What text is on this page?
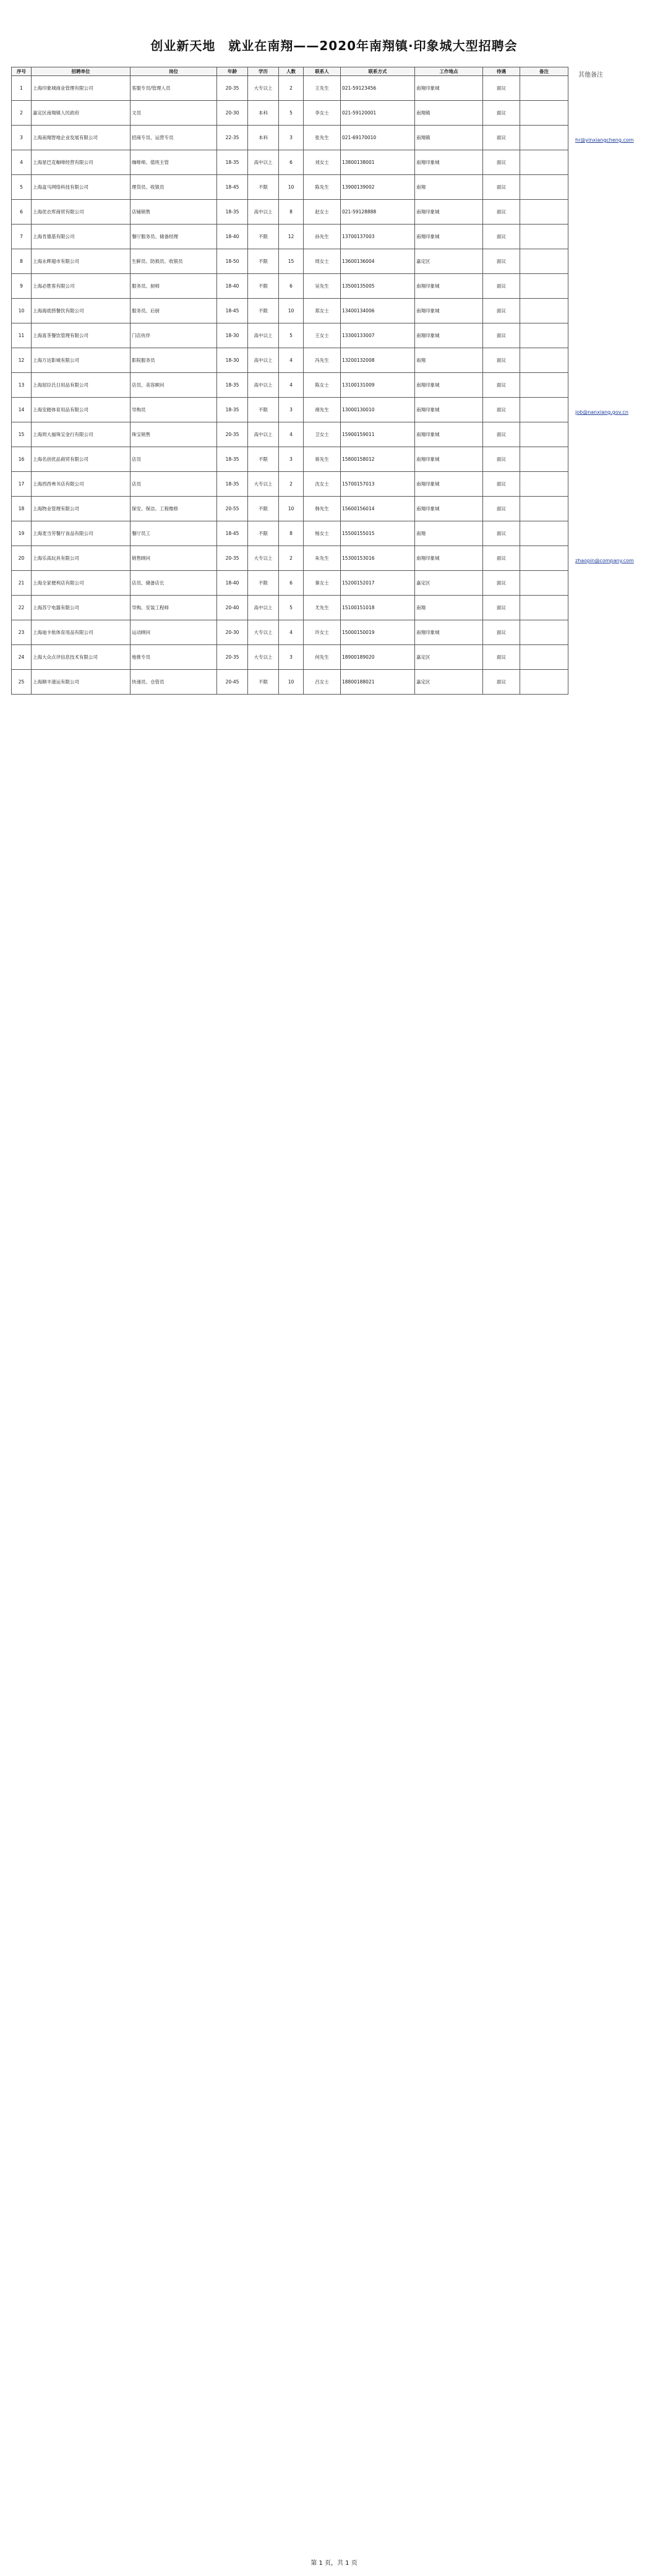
创业新天地　就业在南翔——2020年南翔镇·印象城大型招聘会
其他备注
序号	招聘单位	岗位	年龄	学历	人数	联系人	联系方式	工作地点	待遇	备注
1	上海印象城商业管理有限公司	客服专员/管理人员	20-35	大专以上	2	王先生	021-59123456	南翔印象城	面议	
2	嘉定区南翔镇人民政府	文员	20-30	本科	5	李女士	021-59120001	南翔镇	面议	
3	上海南翔智地企业发展有限公司	招商专员、运营专员	22-35	本科	3	张先生	021-69170010	南翔镇	面议	
4	上海星巴克咖啡经营有限公司	咖啡师、值班主管	18-35	高中以上	6	刘女士	13800138001	南翔印象城	面议	
5	上海盒马网络科技有限公司	理货员、收银员	18-45	不限	10	陈先生	13900139002	南翔	面议	
6	上海优衣库商贸有限公司	店铺销售	18-35	高中以上	8	赵女士	021-59128888	南翔印象城	面议	
7	上海肯德基有限公司	餐厅服务员、储备经理	18-40	不限	12	孙先生	13700137003	南翔印象城	面议	
8	上海永辉超市有限公司	生鲜员、防损员、收银员	18-50	不限	15	周女士	13600136004	嘉定区	面议	
9	上海必胜客有限公司	服务员、厨师	18-40	不限	6	吴先生	13500135005	南翔印象城	面议	
10	上海海底捞餐饮有限公司	服务员、后厨	18-45	不限	10	郑女士	13400134006	南翔印象城	面议	
11	上海喜茶餐饮管理有限公司	门店伙伴	18-30	高中以上	5	王女士	13300133007	南翔印象城	面议	
12	上海万达影城有限公司	影院服务员	18-30	高中以上	4	冯先生	13200132008	南翔	面议	
13	上海屈臣氏日用品有限公司	店员、美容顾问	18-35	高中以上	4	陈女士	13100131009	南翔印象城	面议	
14	上海安踏体育用品有限公司	导购员	18-35	不限	3	褚先生	13000130010	南翔印象城	面议	
15	上海周大福珠宝金行有限公司	珠宝销售	20-35	高中以上	4	卫女士	15900159011	南翔印象城	面议	
16	上海名创优品商贸有限公司	店员	18-35	不限	3	蒋先生	15800158012	南翔印象城	面议	
17	上海西西弗书店有限公司	店员	18-35	大专以上	2	沈女士	15700157013	南翔印象城	面议	
18	上海物业管理有限公司	保安、保洁、工程维修	20-55	不限	10	韩先生	15600156014	南翔印象城	面议	
19	上海麦当劳餐厅食品有限公司	餐厅员工	18-45	不限	8	杨女士	15500155015	南翔	面议	
20	上海乐高玩具有限公司	销售顾问	20-35	大专以上	2	朱先生	15300153016	南翔印象城	面议	
21	上海全家便利店有限公司	店员、储备店长	18-40	不限	6	秦女士	15200152017	嘉定区	面议	
22	上海苏宁电器有限公司	导购、安装工程师	20-40	高中以上	5	尤先生	15100151018	南翔	面议	
23	上海迪卡侬体育用品有限公司	运动顾问	20-30	大专以上	4	许女士	15000150019	南翔印象城	面议	
24	上海大众点评信息技术有限公司	地推专员	20-35	大专以上	3	何先生	18900189020	嘉定区	面议	
25	上海顺丰速运有限公司	快递员、仓管员	20-45	不限	10	吕女士	18800188021	嘉定区	面议	
hr@yinxiangcheng.com
job@nanxiang.gov.cn
zhaopin@company.com
第 1 页，共 1 页
